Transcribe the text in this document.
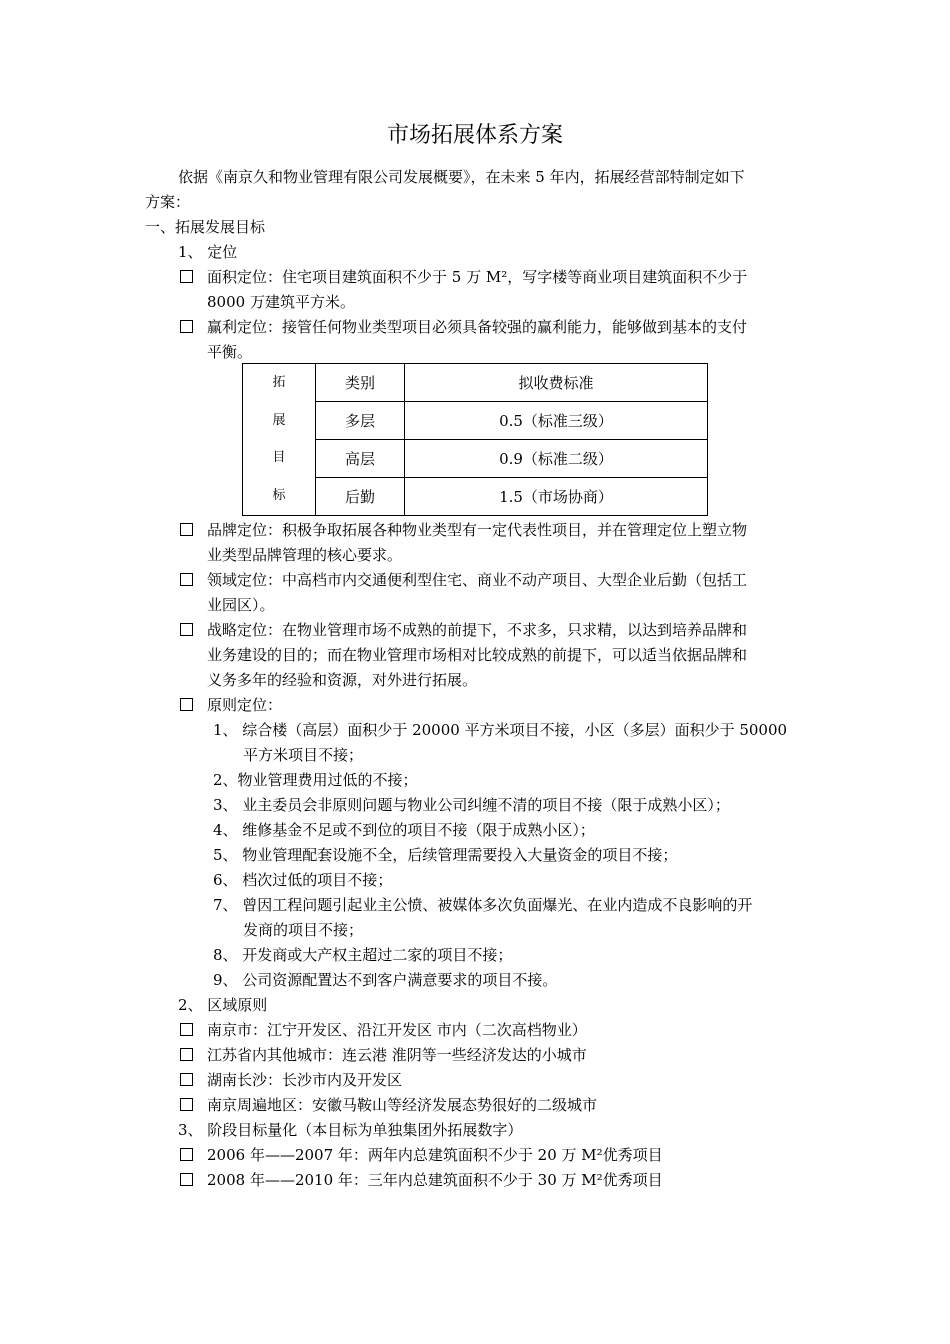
市场拓展体系方案
依据《南京久和物业管理有限公司发展概要》，在未来 5 年内，拓展经营部特制定如下
方案：
一、拓展发展目标
1、 定位
面积定位：住宅项目建筑面积不少于 5 万 M²，写字楼等商业项目建筑面积不少于
8000 万建筑平方米。
赢利定位：接管任何物业类型项目必须具备较强的赢利能力，能够做到基本的支付
平衡。
拓
展
目
标	类别	拟收费标准
	多层	0.5（标准三级）
	高层	0.9（标准二级）
	后勤	1.5（市场协商）
品牌定位：积极争取拓展各种物业类型有一定代表性项目，并在管理定位上塑立物
业类型品牌管理的核心要求。
领域定位：中高档市内交通便利型住宅、商业不动产项目、大型企业后勤（包括工
业园区）。
战略定位：在物业管理市场不成熟的前提下，不求多，只求精，以达到培养品牌和
业务建设的目的；而在物业管理市场相对比较成熟的前提下，可以适当依据品牌和
义务多年的经验和资源，对外进行拓展。
原则定位：
1、 综合楼（高层）面积少于 20000 平方米项目不接，小区（多层）面积少于 50000
平方米项目不接；
2、物业管理费用过低的不接；
3、 业主委员会非原则问题与物业公司纠缠不清的项目不接（限于成熟小区）；
4、 维修基金不足或不到位的项目不接（限于成熟小区）；
5、 物业管理配套设施不全，后续管理需要投入大量资金的项目不接；
6、 档次过低的项目不接；
7、 曾因工程问题引起业主公愤、被媒体多次负面爆光、在业内造成不良影响的开
发商的项目不接；
8、 开发商或大产权主超过二家的项目不接；
9、 公司资源配置达不到客户满意要求的项目不接。
2、 区域原则
南京市：江宁开发区、沿江开发区 市内（二次高档物业）
江苏省内其他城市：连云港 淮阴等一些经济发达的小城市
湖南长沙：长沙市内及开发区
南京周遍地区：安徽马鞍山等经济发展态势很好的二级城市
3、 阶段目标量化（本目标为单独集团外拓展数字）
2006 年——2007 年：两年内总建筑面积不少于 20 万 M²优秀项目
2008 年——2010 年：三年内总建筑面积不少于 30 万 M²优秀项目
